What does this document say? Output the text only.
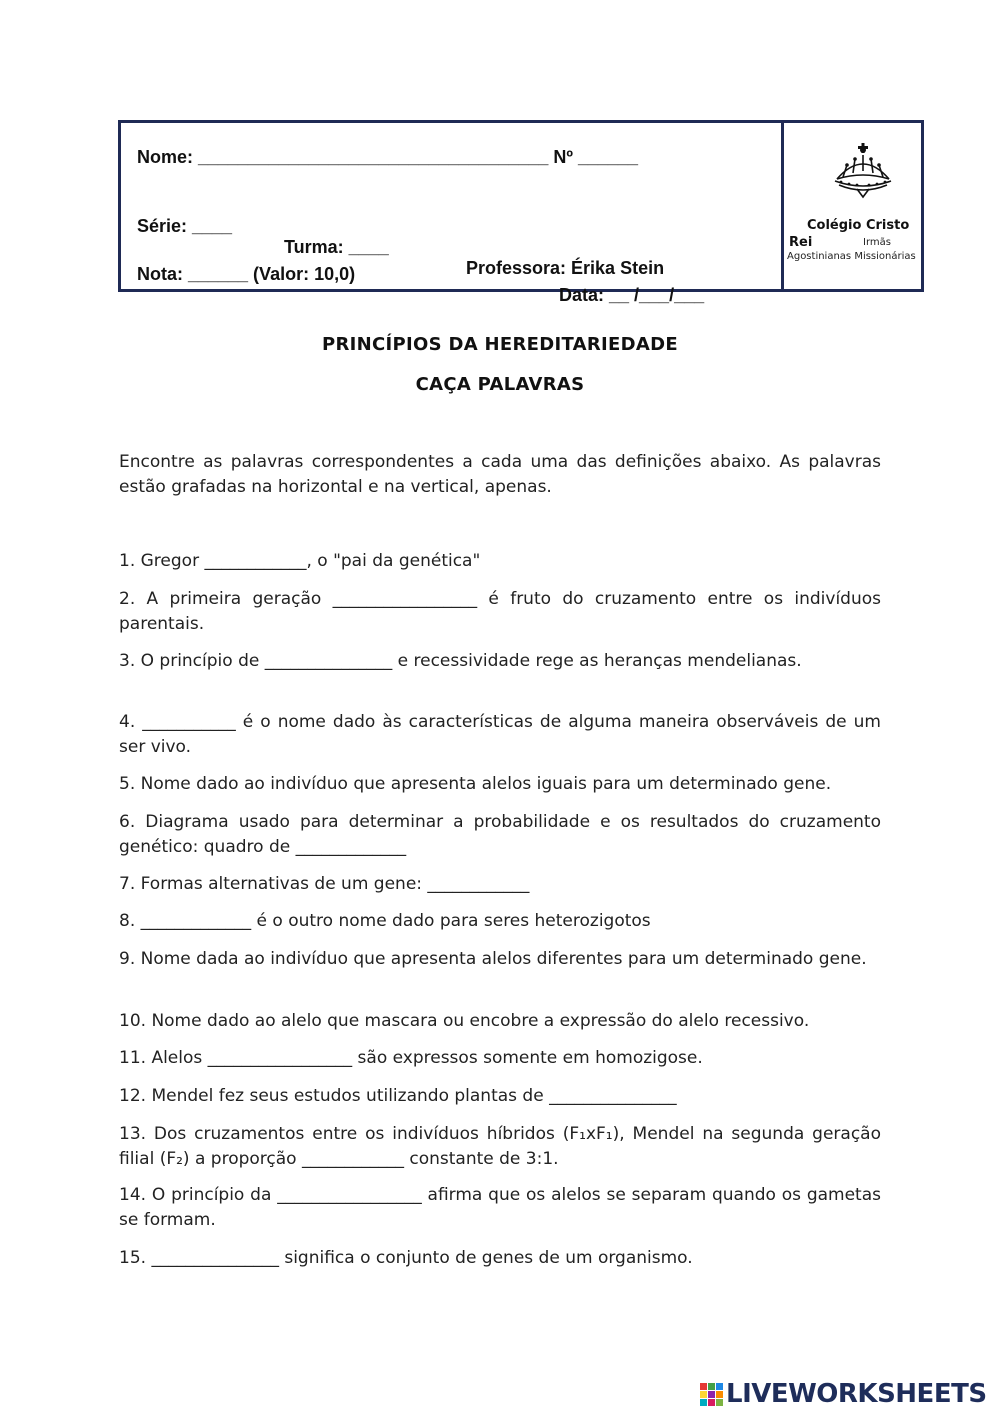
Nome: ___________________________________ Nº ______

Série: ____

Turma: ____

Professora: Érika Stein

Nota: ______ (Valor: 10,0)

Data: __ /___/___

Colégio Cristo
Rei	Irmãs
Agostinianas Missionárias
PRINCÍPIOS DA HEREDITARIEDADE
CAÇA PALAVRAS
Encontre as palavras correspondentes a cada uma das definições abaixo. As palavras estão grafadas na horizontal e na vertical, apenas.
1. Gregor ____________, o "pai da genética"
2. A primeira geração _________________ é fruto do cruzamento entre os indivíduos parentais.
3. O princípio de _______________ e recessividade rege as heranças mendelianas.
4. ___________ é o nome dado às características de alguma maneira observáveis de um ser vivo.
5. Nome dado ao indivíduo que apresenta alelos iguais para um determinado gene.
6. Diagrama usado para determinar a probabilidade e os resultados do cruzamento genético: quadro de _____________
7. Formas alternativas de um gene: ____________
8. _____________ é o outro nome dado para seres heterozigotos
9. Nome dada ao indivíduo que apresenta alelos diferentes para um determinado gene.
10. Nome dado ao alelo que mascara ou encobre a expressão do alelo recessivo.
11. Alelos _________________ são expressos somente em homozigose.
12. Mendel fez seus estudos utilizando plantas de _______________
13. Dos cruzamentos entre os indivíduos híbridos (F₁xF₁), Mendel na segunda geração filial (F₂) a proporção ____________ constante de 3:1.
14. O princípio da _________________ afirma que os alelos se separam quando os gametas se formam.
15. _______________ significa o conjunto de genes de um organismo.
LIVEWORKSHEETS
